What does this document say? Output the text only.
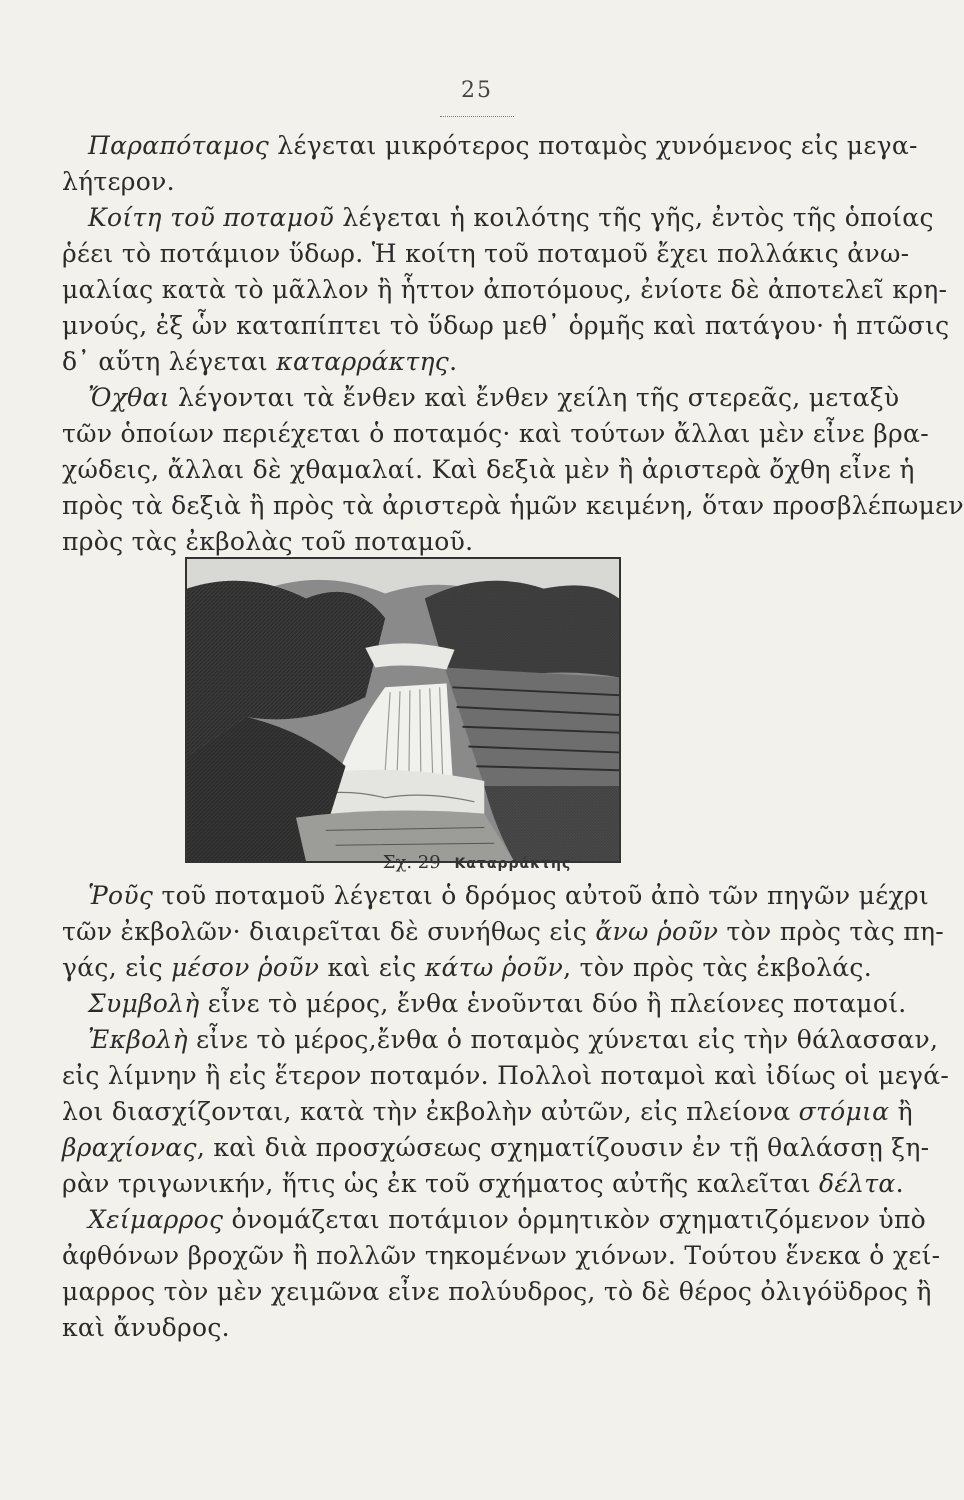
25
Παραπόταμος λέγεται μικρότερος ποταμὸς χυνόμενος εἰς μεγα-
λήτερον.
Κοίτη τοῦ ποταμοῦ λέγεται ἡ κοιλότης τῆς γῆς, ἐντὸς τῆς ὁποίας
ῥέει τὸ ποτάμιον ὕδωρ. Ἡ κοίτη τοῦ ποταμοῦ ἔχει πολλάκις ἀνω-
μαλίας κατὰ τὸ μᾶλλον ἢ ἧττον ἀποτόμους, ἐνίοτε δὲ ἀποτελεῖ κρη-
μνούς, ἐξ ὧν καταπίπτει τὸ ὕδωρ μεθ᾽ ὁρμῆς καὶ πατάγου· ἡ πτῶσις
δ᾽ αὕτη λέγεται καταρράκτης.
Ὄχθαι λέγονται τὰ ἔνθεν καὶ ἔνθεν χείλη τῆς στερεᾶς, μεταξὺ
τῶν ὁποίων περιέχεται ὁ ποταμός· καὶ τούτων ἄλλαι μὲν εἶνε βρα-
χώδεις, ἄλλαι δὲ χθαμαλαί. Καὶ δεξιὰ μὲν ἢ ἀριστερὰ ὄχθη εἶνε ἡ
πρὸς τὰ δεξιὰ ἢ πρὸς τὰ ἀριστερὰ ἡμῶν κειμένη, ὅταν προσβλέπωμεν
πρὸς τὰς ἐκβολὰς τοῦ ποταμοῦ.
Σχ. 29 Καταρράκτης
Ῥοῦς τοῦ ποταμοῦ λέγεται ὁ δρόμος αὐτοῦ ἀπὸ τῶν πηγῶν μέχρι
τῶν ἐκβολῶν· διαιρεῖται δὲ συνήθως εἰς ἄνω ῥοῦν τὸν πρὸς τὰς πη-
γάς, εἰς μέσον ῥοῦν καὶ εἰς κάτω ῥοῦν, τὸν πρὸς τὰς ἐκβολάς.
Συμβολὴ εἶνε τὸ μέρος, ἔνθα ἑνοῦνται δύο ἢ πλείονες ποταμοί.
Ἐκβολὴ εἶνε τὸ μέρος,ἔνθα ὁ ποταμὸς χύνεται εἰς τὴν θάλασσαν,
εἰς λίμνην ἢ εἰς ἕτερον ποταμόν. Πολλοὶ ποταμοὶ καὶ ἰδίως οἱ μεγά-
λοι διασχίζονται, κατὰ τὴν ἐκβολὴν αὐτῶν, εἰς πλείονα στόμια ἢ
βραχίονας, καὶ διὰ προσχώσεως σχηματίζουσιν ἐν τῇ θαλάσσῃ ξη-
ρὰν τριγωνικήν, ἥτις ὡς ἐκ τοῦ σχήματος αὐτῆς καλεῖται δέλτα.
Χείμαρρος ὀνομάζεται ποτάμιον ὁρμητικὸν σχηματιζόμενον ὑπὸ
ἀφθόνων βροχῶν ἢ πολλῶν τηκομένων χιόνων. Τούτου ἕνεκα ὁ χεί-
μαρρος τὸν μὲν χειμῶνα εἶνε πολύυδρος, τὸ δὲ θέρος ὀλιγόϋδρος ἢ
καὶ ἄνυδρος.
